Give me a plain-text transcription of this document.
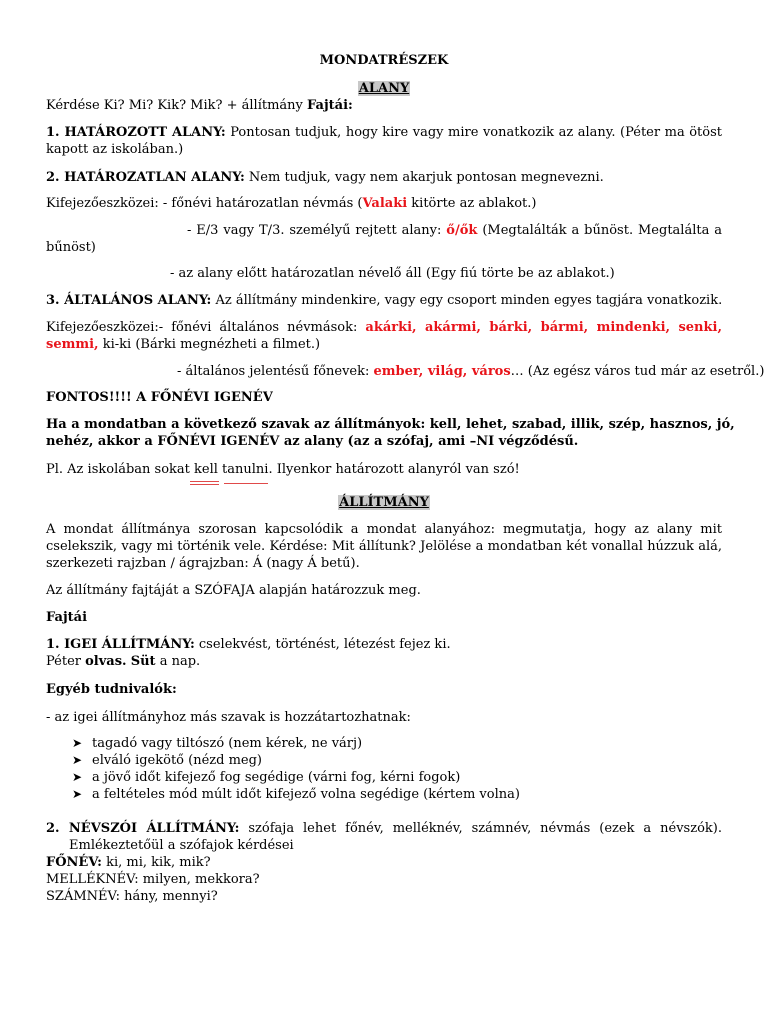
MONDATRÉSZEK
ALANY
Kérdése Ki? Mi? Kik? Mik? + állítmány Fajtái:
1. HATÁROZOTT ALANY: Pontosan tudjuk, hogy kire vagy mire vonatkozik az alany. (Péter ma ötöst
kapott az iskolában.)
2. HATÁROZATLAN ALANY: Nem tudjuk, vagy nem akarjuk pontosan megnevezni.
Kifejezőeszközei: - főnévi határozatlan névmás (Valaki kitörte az ablakot.)
- E/3 vagy T/3. személyű rejtett alany: ő/ők (Megtalálták a bűnöst. Megtalálta a
bűnöst)
- az alany előtt határozatlan névelő áll (Egy fiú törte be az ablakot.)
3. ÁLTALÁNOS ALANY: Az állítmány mindenkire, vagy egy csoport minden egyes tagjára vonatkozik.
Kifejezőeszközei:- főnévi általános névmások: akárki, akármi, bárki, bármi, mindenki, senki,
semmi, ki-ki (Bárki megnézheti a filmet.)
- általános jelentésű főnevek: ember, világ, város… (Az egész város tud már az esetről.)
FONTOS!!!! A FŐNÉVI IGENÉV
Ha a mondatban a következő szavak az állítmányok: kell, lehet, szabad, illik, szép, hasznos, jó,
nehéz, akkor a FŐNÉVI IGENÉV az alany (az a szófaj, ami –NI végződésű.
Pl. Az iskolában sokat kell tanulni. Ilyenkor határozott alanyról van szó!
ÁLLÍTMÁNY
A mondat állítmánya szorosan kapcsolódik a mondat alanyához: megmutatja, hogy az alany mit
cselekszik, vagy mi történik vele. Kérdése: Mit állítunk? Jelölése a mondatban két vonallal húzzuk alá,
szerkezeti rajzban / ágrajzban: Á (nagy Á betű).
Az állítmány fajtáját a SZÓFAJA alapján határozzuk meg.
Fajtái
1. IGEI ÁLLÍTMÁNY: cselekvést, történést, létezést fejez ki.
Péter olvas. Süt a nap.
Egyéb tudnivalók:
- az igei állítmányhoz más szavak is hozzátartozhatnak:
➤ tagadó vagy tiltószó (nem kérek, ne várj)
➤ elváló igekötő (nézd meg)
➤ a jövő időt kifejező fog segédige (várni fog, kérni fogok)
➤ a feltételes mód múlt időt kifejező volna segédige (kértem volna)
2. NÉVSZÓI ÁLLÍTMÁNY: szófaja lehet főnév, melléknév, számnév, névmás (ezek a névszók).
Emlékeztetőül a szófajok kérdései
FŐNÉV: ki, mi, kik, mik?
MELLÉKNÉV: milyen, mekkora?
SZÁMNÉV: hány, mennyi?
